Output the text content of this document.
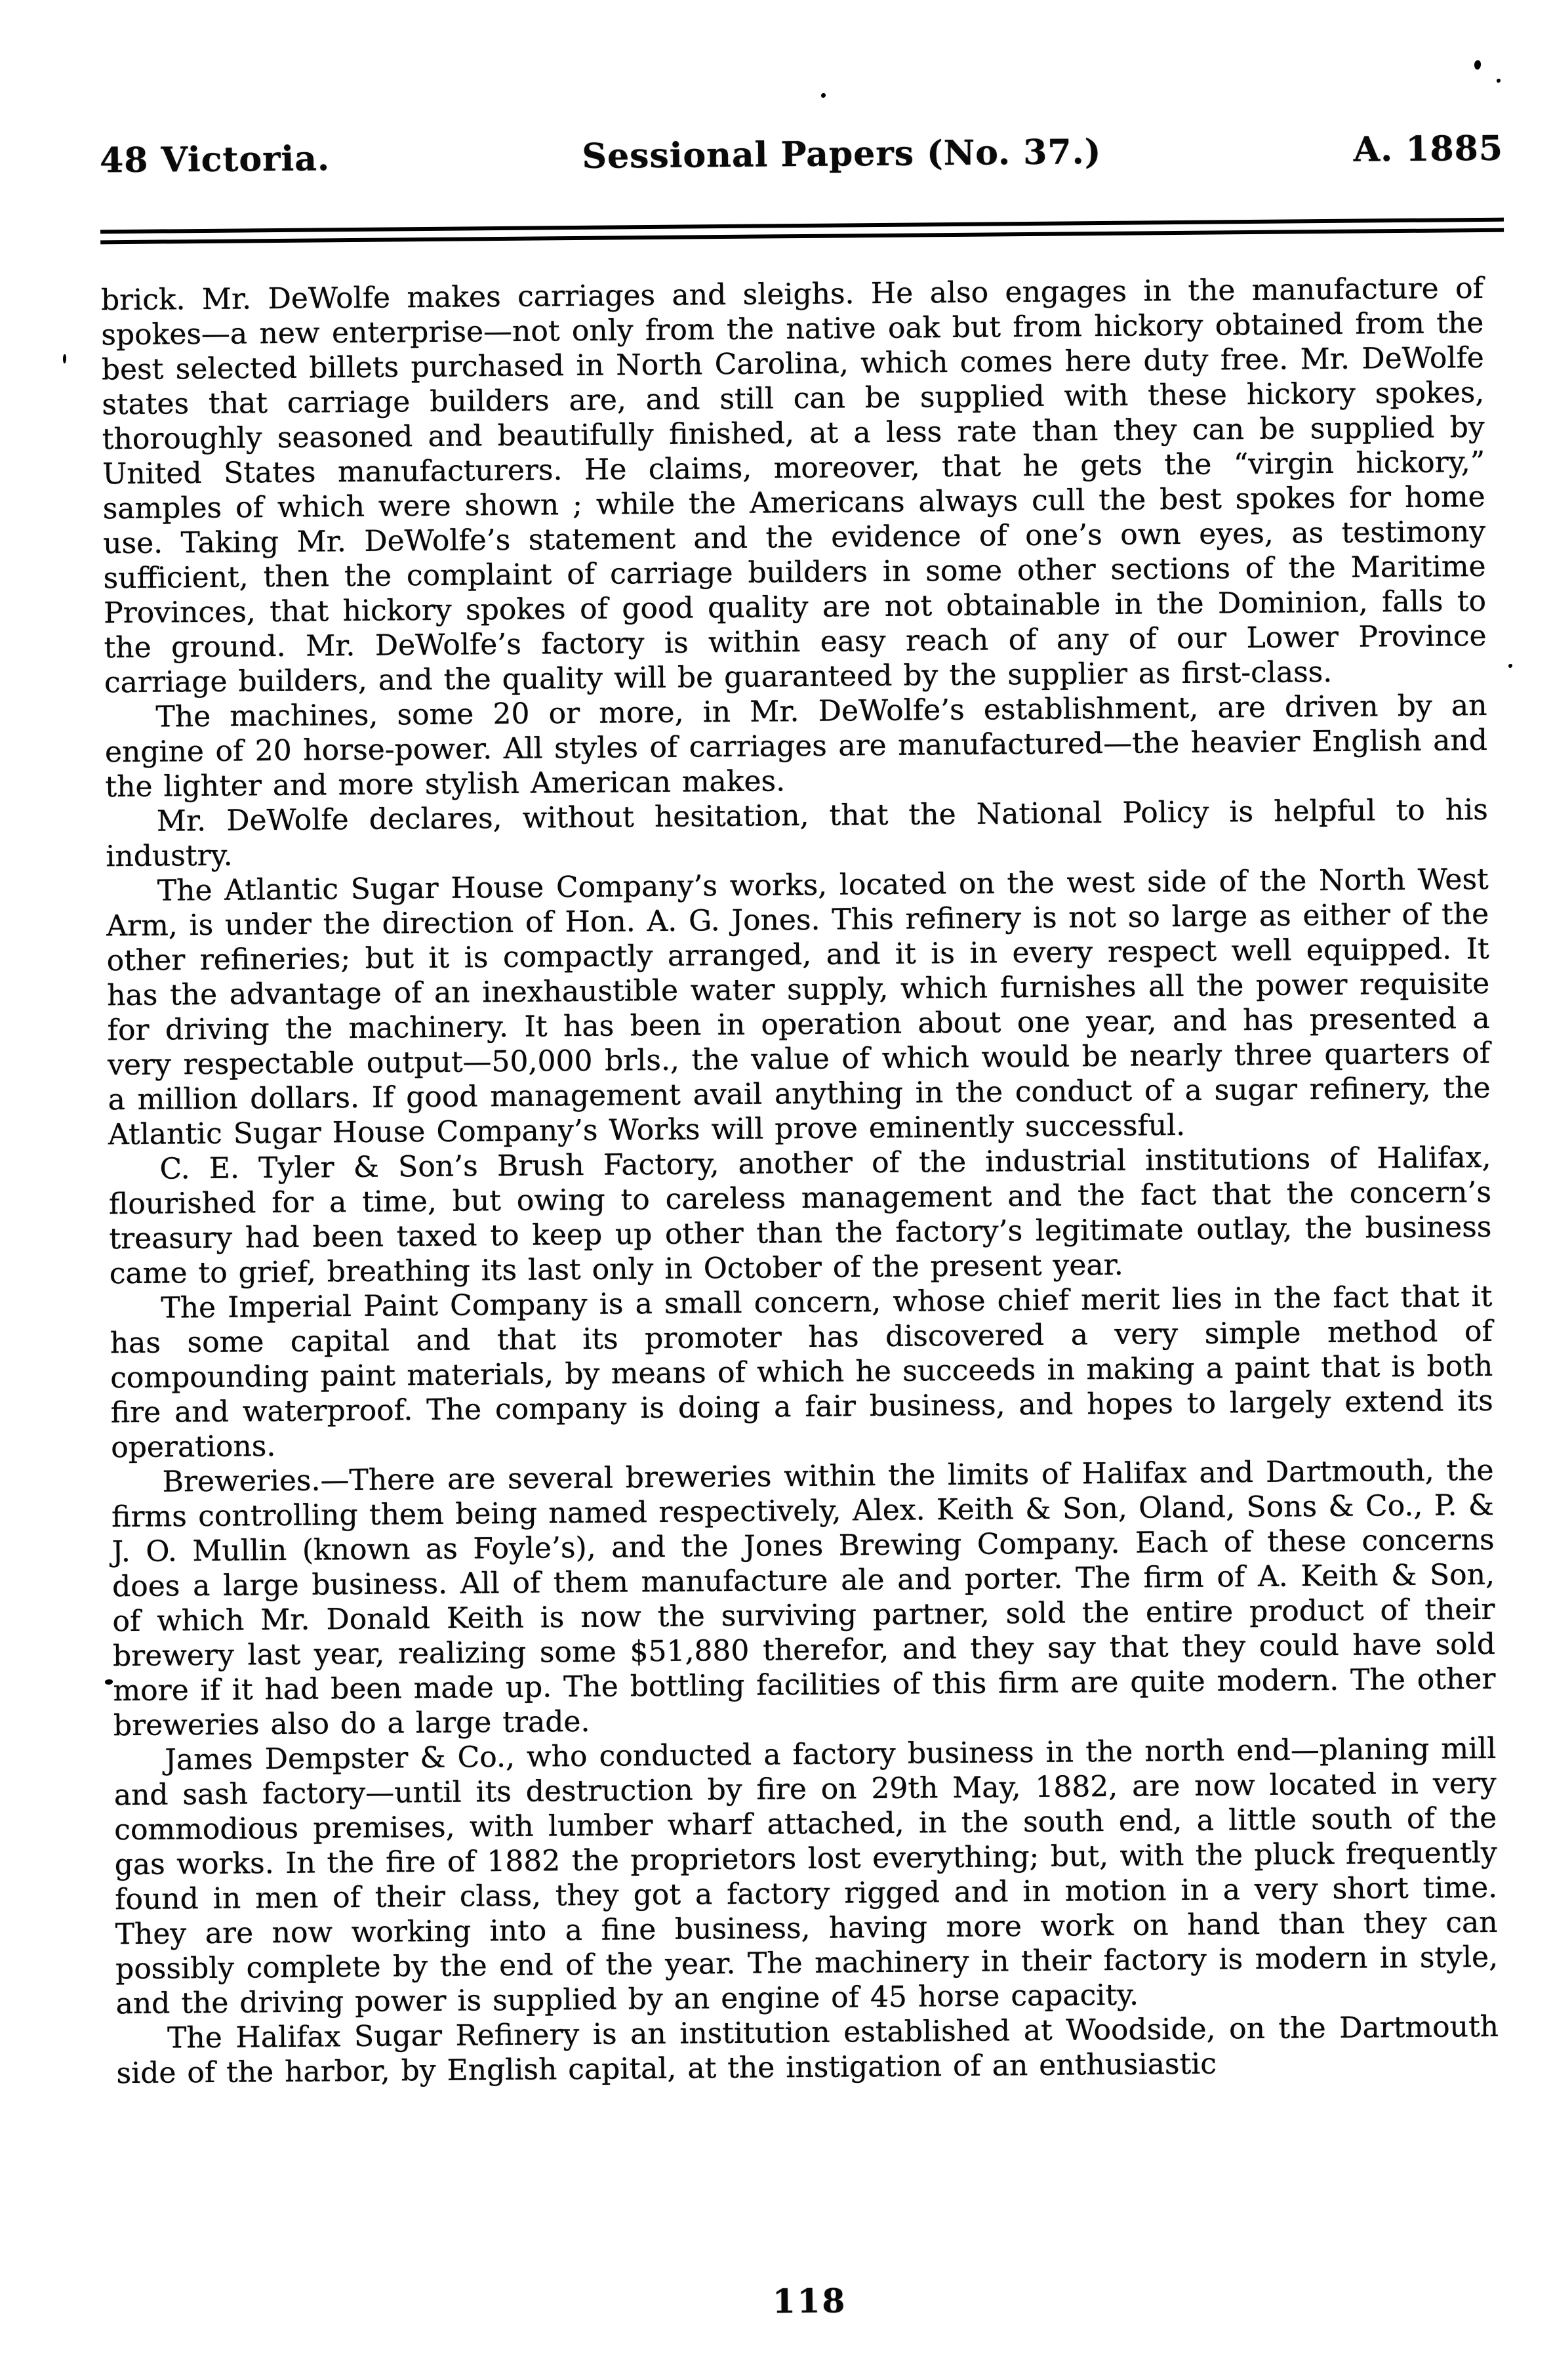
48 Victoria.	Sessional Papers (No. 37.)	A. 1885

brick. Mr. DeWolfe makes carriages and sleighs. He also engages in the manufacture of spokes—a new enterprise—not only from the native oak but from hickory obtained from the best selected billets purchased in North Carolina, which comes here duty free. Mr. DeWolfe states that carriage builders are, and still can be supplied with these hickory spokes, thoroughly seasoned and beautifully finished, at a less rate than they can be supplied by United States manufacturers. He claims, moreover, that he gets the “virgin hickory,” samples of which were shown ; while the Americans always cull the best spokes for home use. Taking Mr. DeWolfe’s statement and the evidence of one’s own eyes, as testimony sufficient, then the complaint of carriage builders in some other sections of the Maritime Provinces, that hickory spokes of good quality are not obtainable in the Dominion, falls to the ground. Mr. DeWolfe’s factory is within easy reach of any of our Lower Province carriage builders, and the quality will be guaranteed by the supplier as first-class.

The machines, some 20 or more, in Mr. DeWolfe’s establishment, are driven by an engine of 20 horse-power. All styles of carriages are manufactured—the heavier English and the lighter and more stylish American makes.

Mr. DeWolfe declares, without hesitation, that the National Policy is helpful to his industry.

The Atlantic Sugar House Company’s works, located on the west side of the North West Arm, is under the direction of Hon. A. G. Jones. This refinery is not so large as either of the other refineries; but it is compactly arranged, and it is in every respect well equipped. It has the advantage of an inexhaustible water supply, which furnishes all the power requisite for driving the machinery. It has been in operation about one year, and has presented a very respectable output—50,000 brls., the value of which would be nearly three quarters of a million dollars. If good management avail anything in the conduct of a sugar refinery, the Atlantic Sugar House Company’s Works will prove eminently successful.

C. E. Tyler & Son’s Brush Factory, another of the industrial institutions of Halifax, flourished for a time, but owing to careless management and the fact that the concern’s treasury had been taxed to keep up other than the factory’s legitimate outlay, the business came to grief, breathing its last only in October of the present year.

The Imperial Paint Company is a small concern, whose chief merit lies in the fact that it has some capital and that its promoter has discovered a very simple method of compounding paint materials, by means of which he succeeds in making a paint that is both fire and waterproof. The company is doing a fair business, and hopes to largely extend its operations.

Breweries.—There are several breweries within the limits of Halifax and Dartmouth, the firms controlling them being named respectively, Alex. Keith & Son, Oland, Sons & Co., P. & J. O. Mullin (known as Foyle’s), and the Jones Brewing Company. Each of these concerns does a large business. All of them manufacture ale and porter. The firm of A. Keith & Son, of which Mr. Donald Keith is now the surviving partner, sold the entire product of their brewery last year, realizing some $51,880 therefor, and they say that they could have sold more if it had been made up. The bottling facilities of this firm are quite modern. The other breweries also do a large trade.

James Dempster & Co., who conducted a factory business in the north end—planing mill and sash factory—until its destruction by fire on 29th May, 1882, are now located in very commodious premises, with lumber wharf attached, in the south end, a little south of the gas works. In the fire of 1882 the proprietors lost everything; but, with the pluck frequently found in men of their class, they got a factory rigged and in motion in a very short time. They are now working into a fine business, having more work on hand than they can possibly complete by the end of the year. The machinery in their factory is modern in style, and the driving power is supplied by an engine of 45 horse capacity.

The Halifax Sugar Refinery is an institution established at Woodside, on the Dartmouth side of the harbor, by English capital, at the instigation of an enthusiastic

118
